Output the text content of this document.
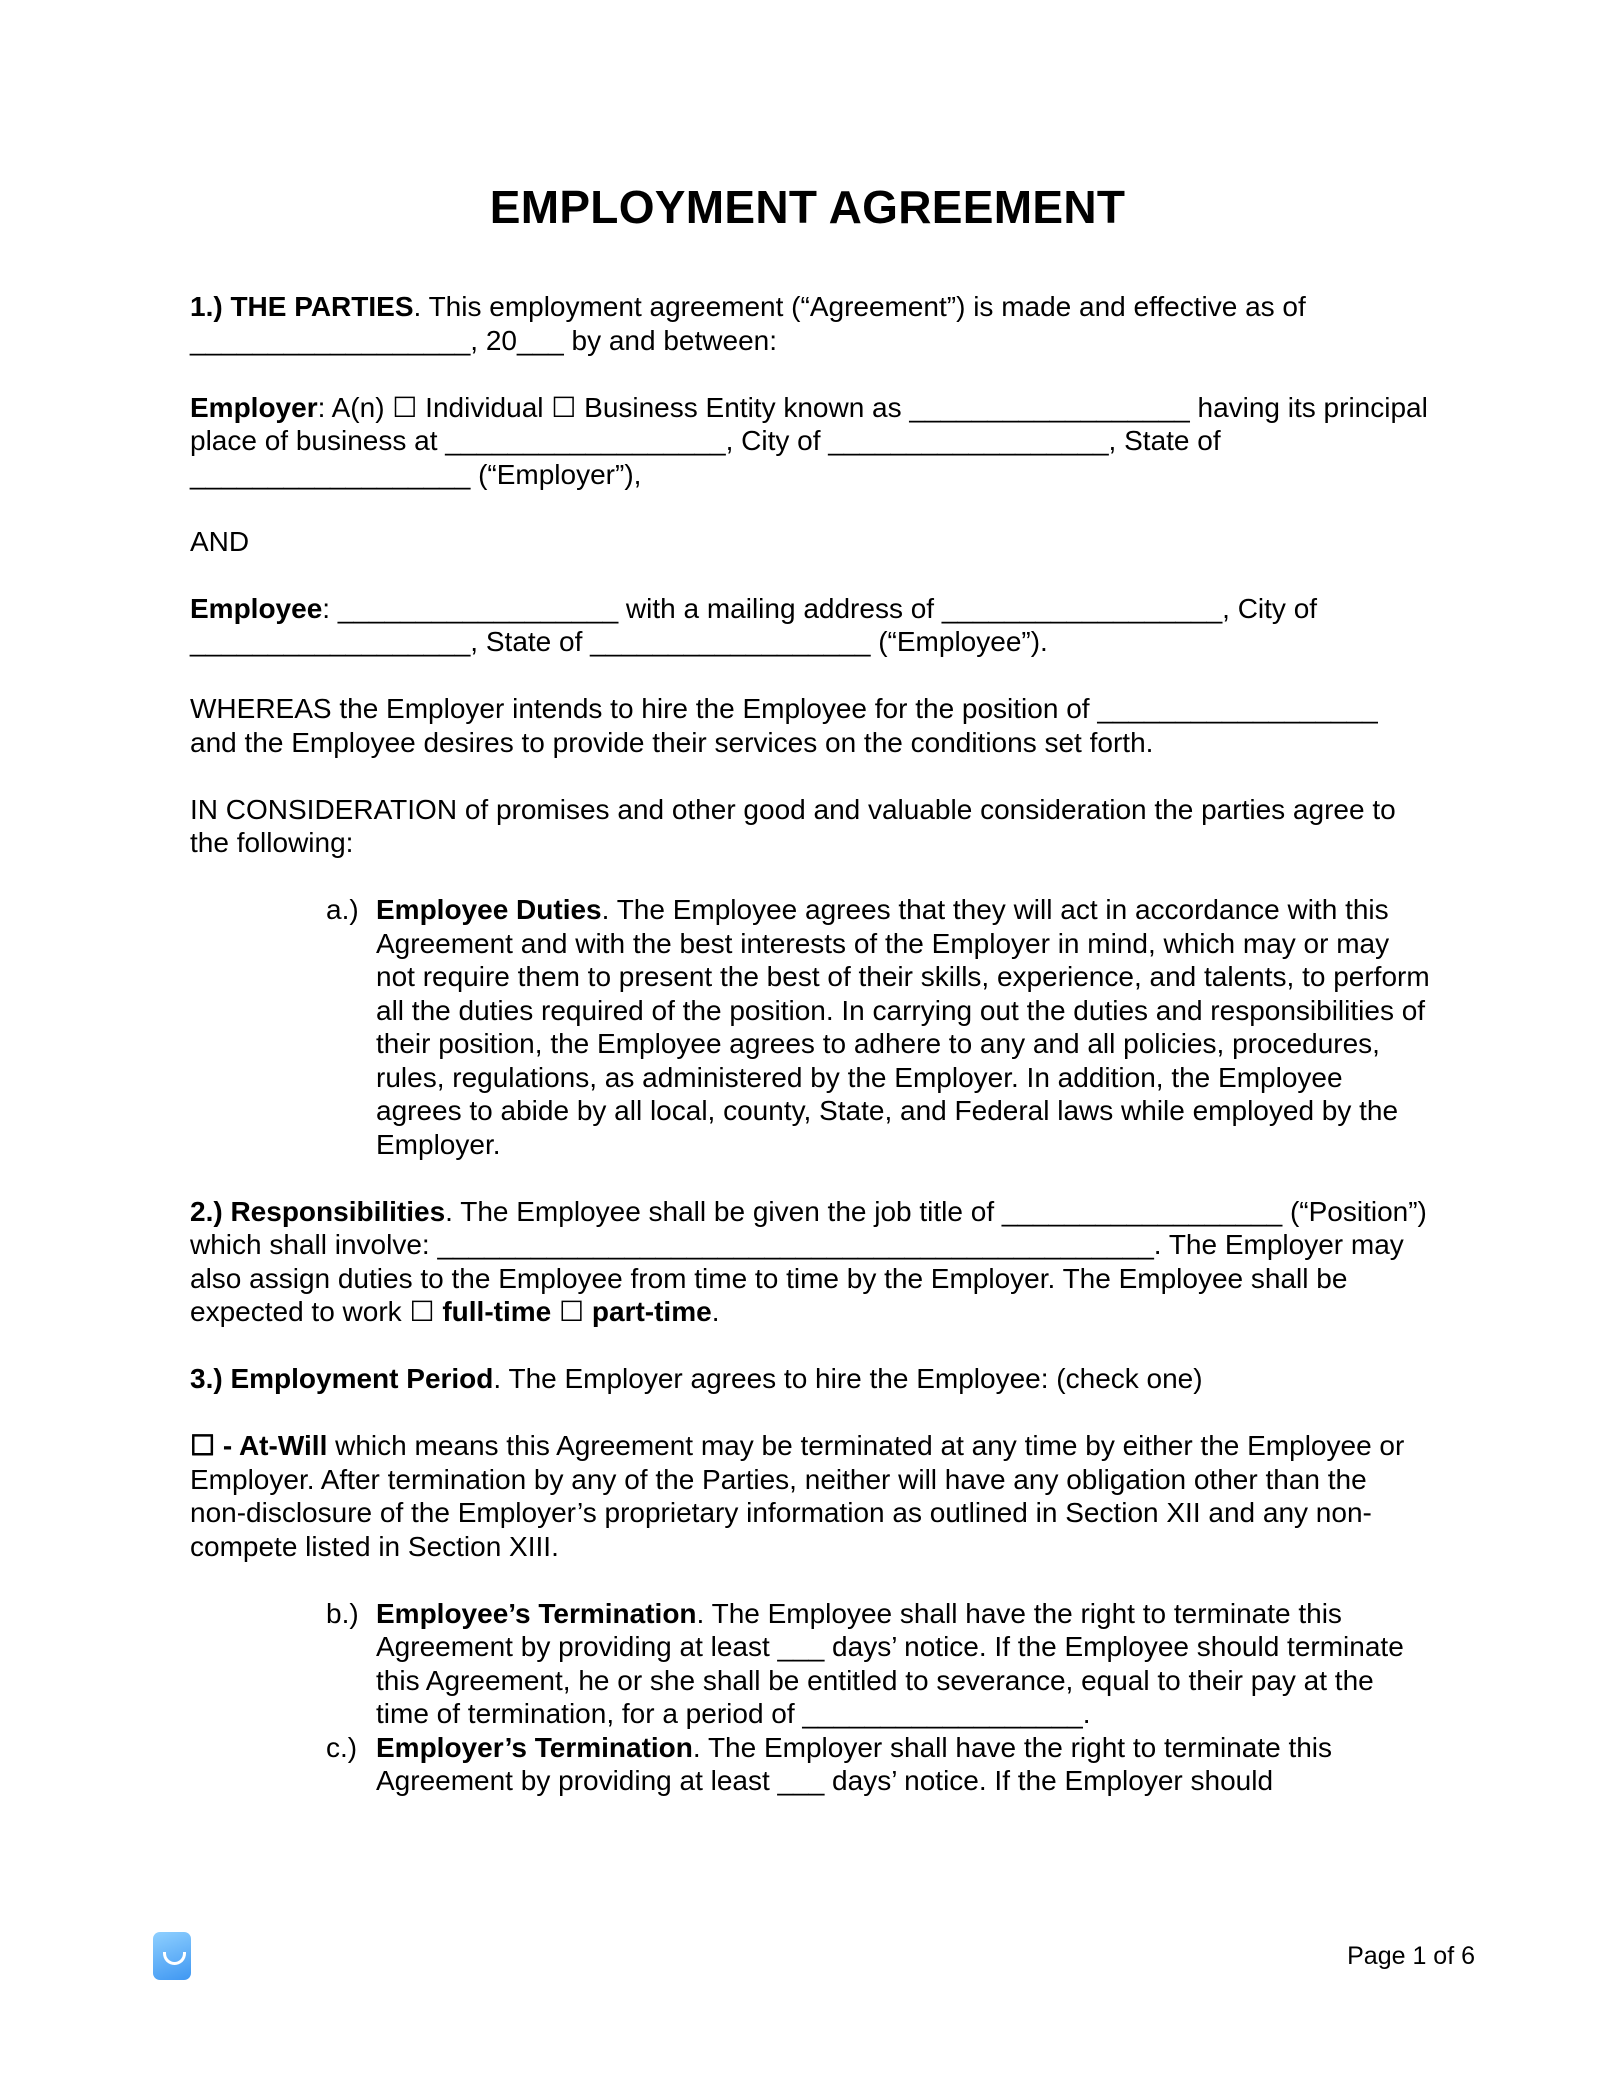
EMPLOYMENT AGREEMENT

1.) THE PARTIES. This employment agreement (“Agreement”) is made and effective as of
__________________, 20___ by and between:

Employer: A(n) ☐ Individual ☐ Business Entity known as __________________ having its principal place of business at __________________, City of __________________, State of __________________ (“Employer”),

AND

Employee: __________________ with a mailing address of __________________, City of __________________, State of __________________ (“Employee”).

WHEREAS the Employer intends to hire the Employee for the position of __________________ and the Employee desires to provide their services on the conditions set forth.

IN CONSIDERATION of promises and other good and valuable consideration the parties agree to the following:

a.) Employee Duties. The Employee agrees that they will act in accordance with this Agreement and with the best interests of the Employer in mind, which may or may not require them to present the best of their skills, experience, and talents, to perform all the duties required of the position. In carrying out the duties and responsibilities of their position, the Employee agrees to adhere to any and all policies, procedures, rules, regulations, as administered by the Employer. In addition, the Employee agrees to abide by all local, county, State, and Federal laws while employed by the Employer.

2.) Responsibilities. The Employee shall be given the job title of __________________ (“Position”) which shall involve: ______________________________________________. The Employer may also assign duties to the Employee from time to time by the Employer. The Employee shall be expected to work ☐ full-time ☐ part-time.

3.) Employment Period. The Employer agrees to hire the Employee: (check one)

☐ - At-Will which means this Agreement may be terminated at any time by either the Employee or Employer. After termination by any of the Parties, neither will have any obligation other than the non-disclosure of the Employer’s proprietary information as outlined in Section XII and any non-compete listed in Section XIII.

b.) Employee’s Termination. The Employee shall have the right to terminate this Agreement by providing at least ___ days’ notice. If the Employee should terminate this Agreement, he or she shall be entitled to severance, equal to their pay at the time of termination, for a period of __________________.
c.) Employer’s Termination. The Employer shall have the right to terminate this Agreement by providing at least ___ days’ notice. If the Employer should
Page 1 of 6
